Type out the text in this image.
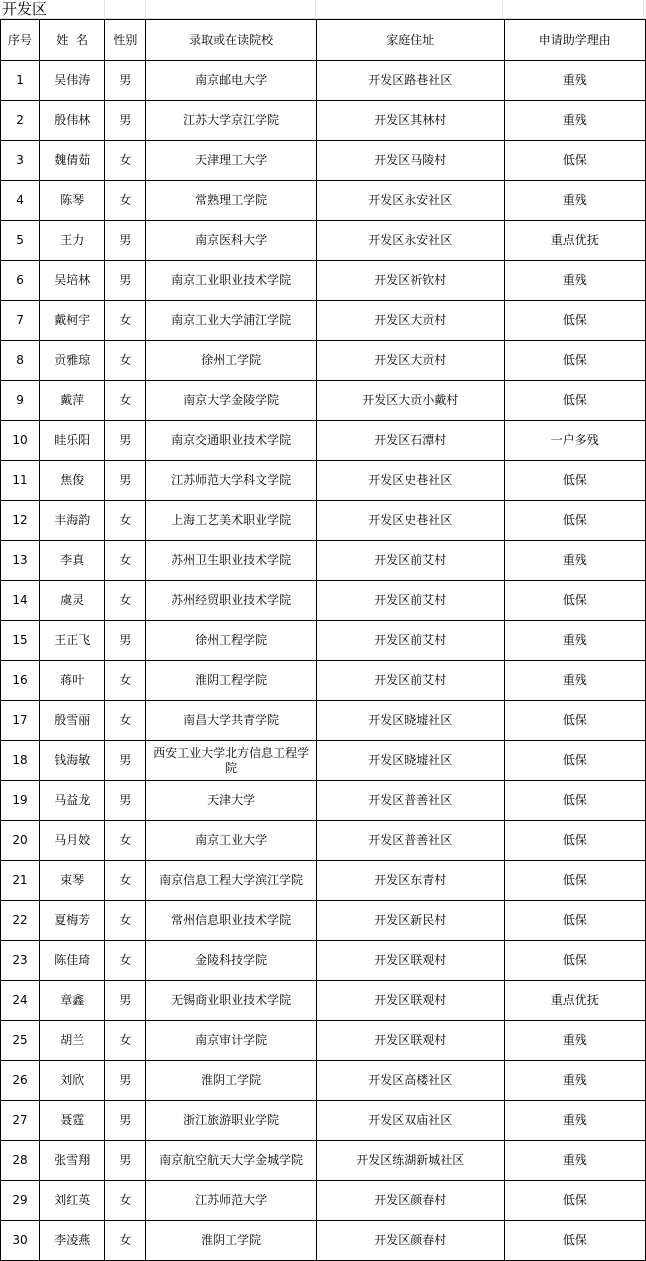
开发区
序号	姓  名	性别	录取或在读院校	家庭住址	申请助学理由
1	吴伟涛	男	南京邮电大学	开发区路巷社区	重残
2	殷伟林	男	江苏大学京江学院	开发区其林村	重残
3	魏倩茹	女	天津理工大学	开发区马陵村	低保
4	陈琴	女	常熟理工学院	开发区永安社区	重残
5	王力	男	南京医科大学	开发区永安社区	重点优抚
6	吴培林	男	南京工业职业技术学院	开发区祈钦村	重残
7	戴柯宇	女	南京工业大学浦江学院	开发区大贡村	低保
8	贡雅琼	女	徐州工学院	开发区大贡村	低保
9	戴萍	女	南京大学金陵学院	开发区大贡小戴村	低保
10	眭乐阳	男	南京交通职业技术学院	开发区石潭村	一户多残
11	焦俊	男	江苏师范大学科文学院	开发区史巷社区	低保
12	丰海韵	女	上海工艺美术职业学院	开发区史巷社区	低保
13	李真	女	苏州卫生职业技术学院	开发区前艾村	重残
14	虞灵	女	苏州经贸职业技术学院	开发区前艾村	低保
15	王正飞	男	徐州工程学院	开发区前艾村	重残
16	蒋叶	女	淮阴工程学院	开发区前艾村	重残
17	殷雪丽	女	南昌大学共青学院	开发区晓墟社区	低保
18	钱海敏	男	西安工业大学北方信息工程学院	开发区晓墟社区	低保
19	马益龙	男	天津大学	开发区普善社区	低保
20	马月姣	女	南京工业大学	开发区普善社区	低保
21	束琴	女	南京信息工程大学滨江学院	开发区东青村	低保
22	夏梅芳	女	常州信息职业技术学院	开发区新民村	低保
23	陈佳琦	女	金陵科技学院	开发区联观村	低保
24	章鑫	男	无锡商业职业技术学院	开发区联观村	重点优抚
25	胡兰	女	南京审计学院	开发区联观村	重残
26	刘欣	男	淮阴工学院	开发区高楼社区	重残
27	聂霆	男	浙江旅游职业学院	开发区双庙社区	重残
28	张雪翔	男	南京航空航天大学金城学院	开发区练湖新城社区	重残
29	刘红英	女	江苏师范大学	开发区颜春村	低保
30	李凌燕	女	淮阴工学院	开发区颜春村	低保
